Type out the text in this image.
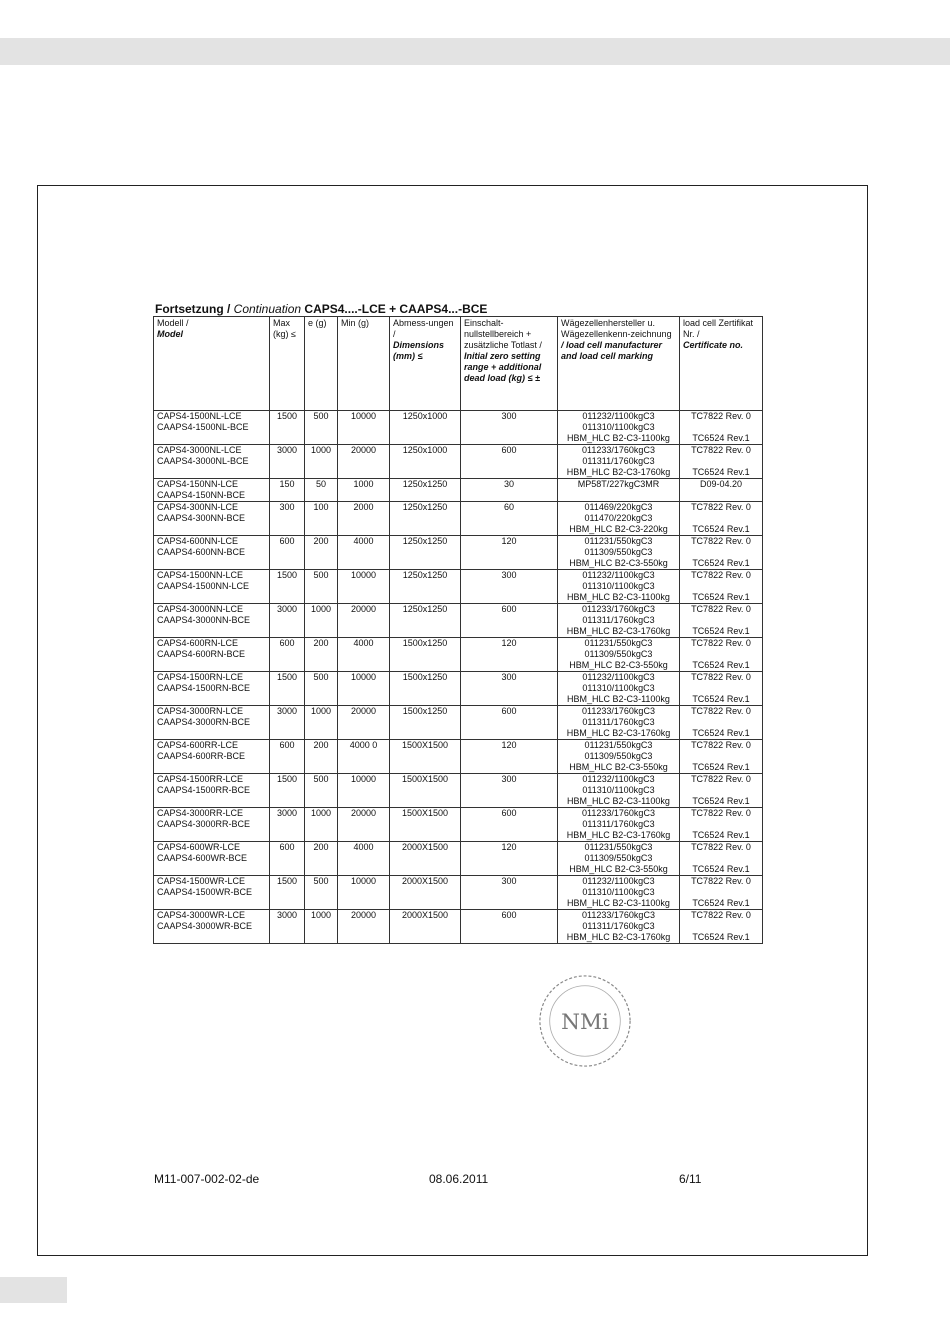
Fortsetzung / Continuation CAPS4....-LCE + CAAPS4...-BCE
Modell /
Model	Max (kg) ≤	e (g)	Min (g)	Abmess-ungen /
Dimensions (mm) ≤	Einschalt-nullstellbereich + zusätzliche Totlast /
Initial zero setting range + additional dead load (kg) ≤ ±	Wägezellenhersteller u. Wägezellenkenn-zeichnung
/ load cell manufacturer and load cell marking	load cell Zertifikat Nr. /
Certificate no.

CAPS4-1500NL-LCE
CAAPS4-1500NL-BCE	1500	500	10000	1250x1000	300	011232/1100kgC3
011310/1100kgC3
HBM_HLC B2-C3-1100kg	TC7822 Rev. 0
TC6524 Rev.1

CAPS4-3000NL-LCE
CAAPS4-3000NL-BCE	3000	1000	20000	1250x1000	600	011233/1760kgC3
011311/1760kgC3
HBM_HLC B2-C3-1760kg	TC7822 Rev. 0
TC6524 Rev.1

CAPS4-150NN-LCE
CAAPS4-150NN-BCE	150	50	1000	1250x1250	30	MP58T/227kgC3MR	D09-04.20

CAPS4-300NN-LCE
CAAPS4-300NN-BCE	300	100	2000	1250x1250	60	011469/220kgC3
011470/220kgC3
HBM_HLC B2-C3-220kg	TC7822 Rev. 0
TC6524 Rev.1

CAPS4-600NN-LCE
CAAPS4-600NN-BCE	600	200	4000	1250x1250	120	011231/550kgC3
011309/550kgC3
HBM_HLC B2-C3-550kg	TC7822 Rev. 0
TC6524 Rev.1

CAPS4-1500NN-LCE
CAAPS4-1500NN-LCE	1500	500	10000	1250x1250	300	011232/1100kgC3
011310/1100kgC3
HBM_HLC B2-C3-1100kg	TC7822 Rev. 0
TC6524 Rev.1

CAPS4-3000NN-LCE
CAAPS4-3000NN-BCE	3000	1000	20000	1250x1250	600	011233/1760kgC3
011311/1760kgC3
HBM_HLC B2-C3-1760kg	TC7822 Rev. 0
TC6524 Rev.1

CAPS4-600RN-LCE
CAAPS4-600RN-BCE	600	200	4000	1500x1250	120	011231/550kgC3
011309/550kgC3
HBM_HLC B2-C3-550kg	TC7822 Rev. 0
TC6524 Rev.1

CAPS4-1500RN-LCE
CAAPS4-1500RN-BCE	1500	500	10000	1500x1250	300	011232/1100kgC3
011310/1100kgC3
HBM_HLC B2-C3-1100kg	TC7822 Rev. 0
TC6524 Rev.1

CAPS4-3000RN-LCE
CAAPS4-3000RN-BCE	3000	1000	20000	1500x1250	600	011233/1760kgC3
011311/1760kgC3
HBM_HLC B2-C3-1760kg	TC7822 Rev. 0
TC6524 Rev.1

CAPS4-600RR-LCE
CAAPS4-600RR-BCE	600	200	4000 0	1500X1500	120	011231/550kgC3
011309/550kgC3
HBM_HLC B2-C3-550kg	TC7822 Rev. 0
TC6524 Rev.1

CAPS4-1500RR-LCE
CAAPS4-1500RR-BCE	1500	500	10000	1500X1500	300	011232/1100kgC3
011310/1100kgC3
HBM_HLC B2-C3-1100kg	TC7822 Rev. 0
TC6524 Rev.1

CAPS4-3000RR-LCE
CAAPS4-3000RR-BCE	3000	1000	20000	1500X1500	600	011233/1760kgC3
011311/1760kgC3
HBM_HLC B2-C3-1760kg	TC7822 Rev. 0
TC6524 Rev.1

CAPS4-600WR-LCE
CAAPS4-600WR-BCE	600	200	4000	2000X1500	120	011231/550kgC3
011309/550kgC3
HBM_HLC B2-C3-550kg	TC7822 Rev. 0
TC6524 Rev.1

CAPS4-1500WR-LCE
CAAPS4-1500WR-BCE	1500	500	10000	2000X1500	300	011232/1100kgC3
011310/1100kgC3
HBM_HLC B2-C3-1100kg	TC7822 Rev. 0
TC6524 Rev.1

CAPS4-3000WR-LCE
CAAPS4-3000WR-BCE	3000	1000	20000	2000X1500	600	011233/1760kgC3
011311/1760kgC3
HBM_HLC B2-C3-1760kg	TC7822 Rev. 0
TC6524 Rev.1
NMi
M11-007-002-02-de	08.06.2011	6/11
